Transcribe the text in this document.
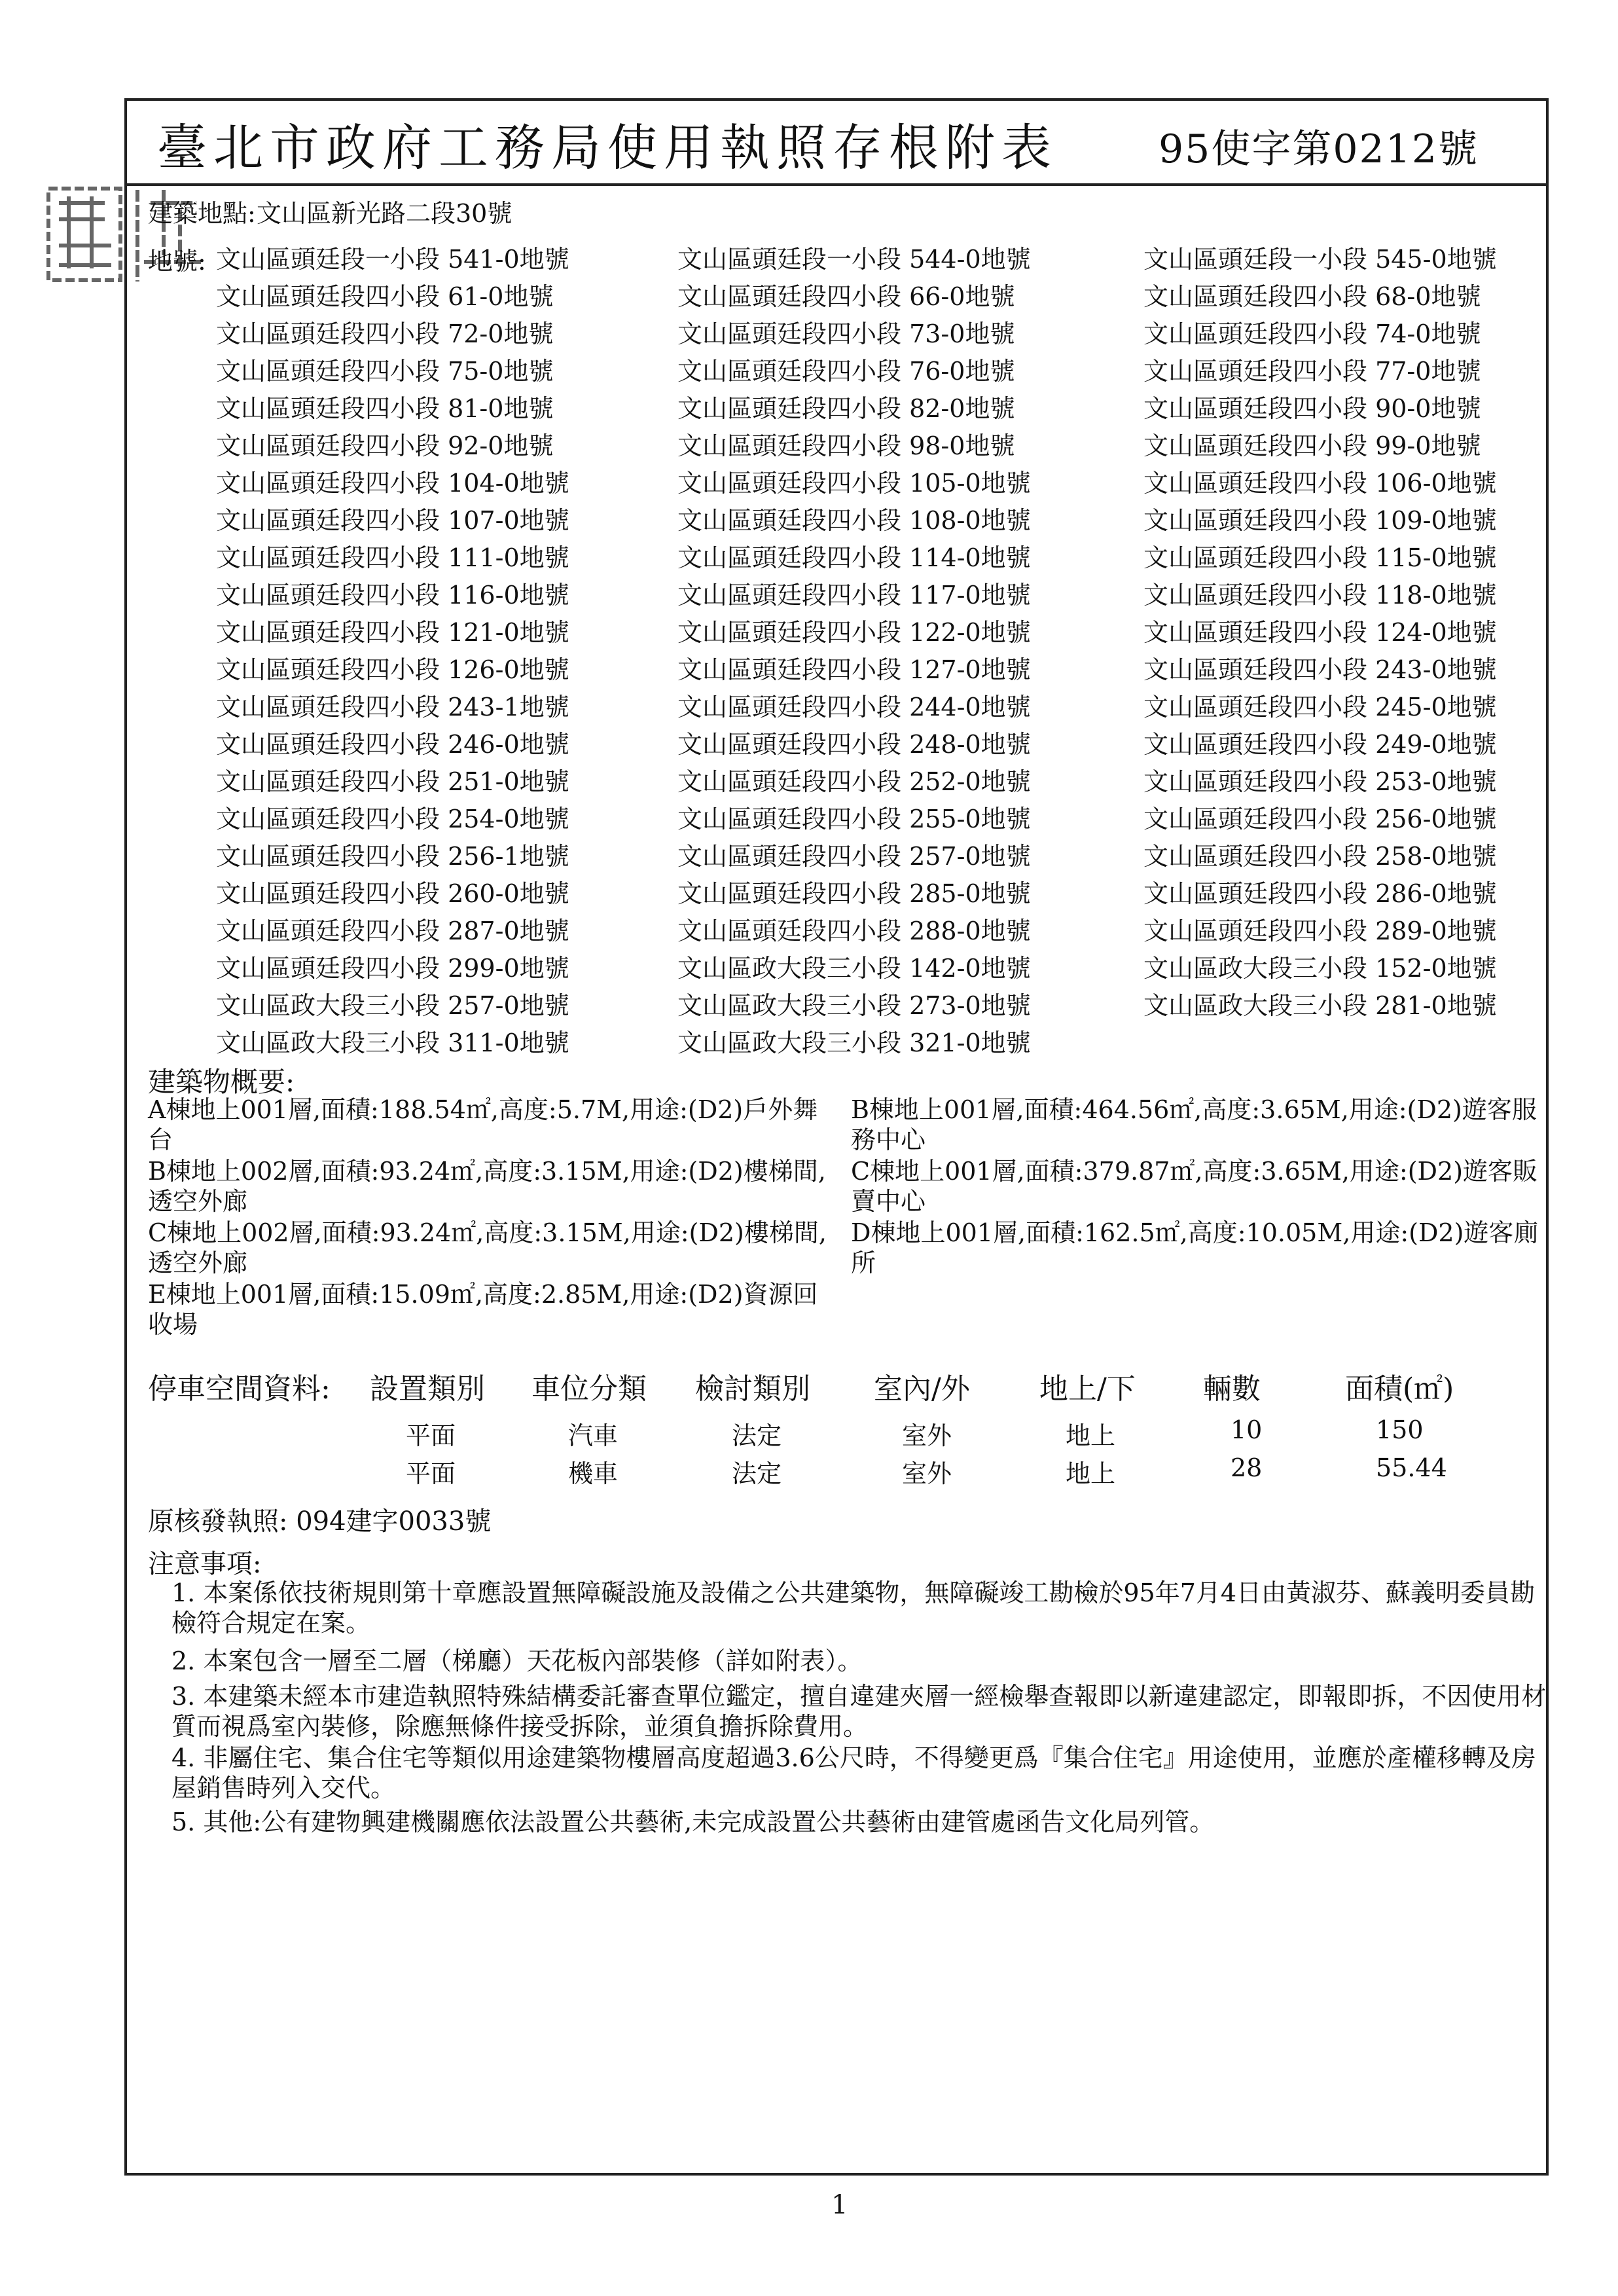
臺北市政府工務局使用執照存根附表	95使字第0212號
建築地點: 文山區新光路二段30號
地號: 文山區頭廷段一小段 541-0地號	文山區頭廷段一小段 544-0地號	文山區頭廷段一小段 545-0地號
文山區頭廷段四小段 61-0地號	文山區頭廷段四小段 66-0地號	文山區頭廷段四小段 68-0地號
文山區頭廷段四小段 72-0地號	文山區頭廷段四小段 73-0地號	文山區頭廷段四小段 74-0地號
文山區頭廷段四小段 75-0地號	文山區頭廷段四小段 76-0地號	文山區頭廷段四小段 77-0地號
文山區頭廷段四小段 81-0地號	文山區頭廷段四小段 82-0地號	文山區頭廷段四小段 90-0地號
文山區頭廷段四小段 92-0地號	文山區頭廷段四小段 98-0地號	文山區頭廷段四小段 99-0地號
文山區頭廷段四小段 104-0地號	文山區頭廷段四小段 105-0地號	文山區頭廷段四小段 106-0地號
文山區頭廷段四小段 107-0地號	文山區頭廷段四小段 108-0地號	文山區頭廷段四小段 109-0地號
文山區頭廷段四小段 111-0地號	文山區頭廷段四小段 114-0地號	文山區頭廷段四小段 115-0地號
文山區頭廷段四小段 116-0地號	文山區頭廷段四小段 117-0地號	文山區頭廷段四小段 118-0地號
文山區頭廷段四小段 121-0地號	文山區頭廷段四小段 122-0地號	文山區頭廷段四小段 124-0地號
文山區頭廷段四小段 126-0地號	文山區頭廷段四小段 127-0地號	文山區頭廷段四小段 243-0地號
文山區頭廷段四小段 243-1地號	文山區頭廷段四小段 244-0地號	文山區頭廷段四小段 245-0地號
文山區頭廷段四小段 246-0地號	文山區頭廷段四小段 248-0地號	文山區頭廷段四小段 249-0地號
文山區頭廷段四小段 251-0地號	文山區頭廷段四小段 252-0地號	文山區頭廷段四小段 253-0地號
文山區頭廷段四小段 254-0地號	文山區頭廷段四小段 255-0地號	文山區頭廷段四小段 256-0地號
文山區頭廷段四小段 256-1地號	文山區頭廷段四小段 257-0地號	文山區頭廷段四小段 258-0地號
文山區頭廷段四小段 260-0地號	文山區頭廷段四小段 285-0地號	文山區頭廷段四小段 286-0地號
文山區頭廷段四小段 287-0地號	文山區頭廷段四小段 288-0地號	文山區頭廷段四小段 289-0地號
文山區頭廷段四小段 299-0地號	文山區政大段三小段 142-0地號	文山區政大段三小段 152-0地號
文山區政大段三小段 257-0地號	文山區政大段三小段 273-0地號	文山區政大段三小段 281-0地號
文山區政大段三小段 311-0地號	文山區政大段三小段 321-0地號
建築物概要:
A棟地上001層,面積:188.54㎡,高度:5.7M,用途:(D2)戶外舞台
B棟地上001層,面積:464.56㎡,高度:3.65M,用途:(D2)遊客服務中心
B棟地上002層,面積:93.24㎡,高度:3.15M,用途:(D2)樓梯間,透空外廊
C棟地上001層,面積:379.87㎡,高度:3.65M,用途:(D2)遊客販賣中心
C棟地上002層,面積:93.24㎡,高度:3.15M,用途:(D2)樓梯間,透空外廊
D棟地上001層,面積:162.5㎡,高度:10.05M,用途:(D2)遊客廁所
E棟地上001層,面積:15.09㎡,高度:2.85M,用途:(D2)資源回收場
停車空間資料: 設置類別 車位分類 檢討類別 室內/外 地上/下 輛數	面積(㎡)
平面	汽車	法定	室外	地上	10	150
平面	機車	法定	室外	地上	28	55.44
原核發執照: 094建字0033號
注意事項:
1. 本案係依技術規則第十章應設置無障礙設施及設備之公共建築物，無障礙竣工勘檢於95年7月4日由黃淑芬、蘇義明委員勘檢符合規定在案。
2. 本案包含一層至二層（梯廳）天花板內部裝修（詳如附表）。
3. 本建築未經本市建造執照特殊結構委託審查單位鑑定，擅自違建夾層一經檢舉查報即以新違建認定，即報即拆，不因使用材質而視爲室內裝修，除應無條件接受拆除，並須負擔拆除費用。
4. 非屬住宅、集合住宅等類似用途建築物樓層高度超過3.6公尺時，不得變更爲『集合住宅』用途使用，並應於產權移轉及房屋銷售時列入交代。
5. 其他:公有建物興建機關應依法設置公共藝術,未完成設置公共藝術由建管處函告文化局列管。
1
